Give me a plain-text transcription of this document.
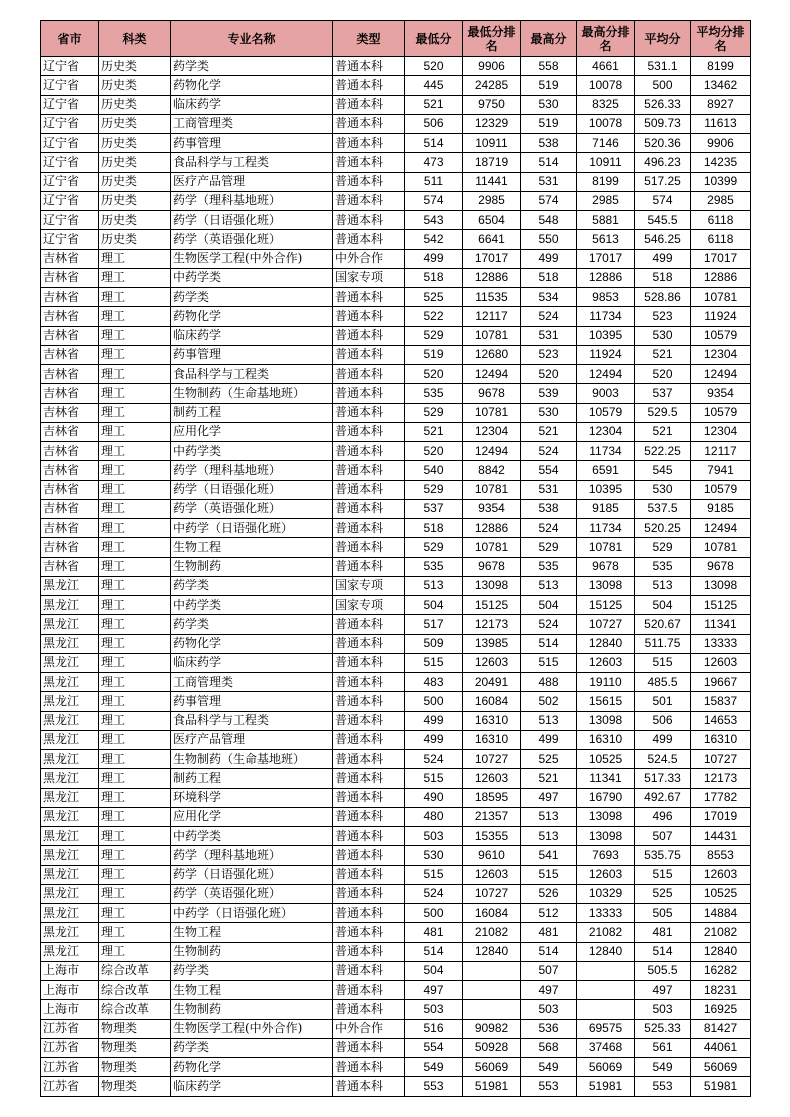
省市	科类	专业名称	类型	最低分	最低分排名	最高分	最高分排名	平均分	平均分排名
辽宁省	历史类	药学类	普通本科	520	9906	558	4661	531.1	8199
辽宁省	历史类	药物化学	普通本科	445	24285	519	10078	500	13462
辽宁省	历史类	临床药学	普通本科	521	9750	530	8325	526.33	8927
辽宁省	历史类	工商管理类	普通本科	506	12329	519	10078	509.73	11613
辽宁省	历史类	药事管理	普通本科	514	10911	538	7146	520.36	9906
辽宁省	历史类	食品科学与工程类	普通本科	473	18719	514	10911	496.23	14235
辽宁省	历史类	医疗产品管理	普通本科	511	11441	531	8199	517.25	10399
辽宁省	历史类	药学（理科基地班）	普通本科	574	2985	574	2985	574	2985
辽宁省	历史类	药学（日语强化班）	普通本科	543	6504	548	5881	545.5	6118
辽宁省	历史类	药学（英语强化班）	普通本科	542	6641	550	5613	546.25	6118
吉林省	理工	生物医学工程(中外合作)	中外合作	499	17017	499	17017	499	17017
吉林省	理工	中药学类	国家专项	518	12886	518	12886	518	12886
吉林省	理工	药学类	普通本科	525	11535	534	9853	528.86	10781
吉林省	理工	药物化学	普通本科	522	12117	524	11734	523	11924
吉林省	理工	临床药学	普通本科	529	10781	531	10395	530	10579
吉林省	理工	药事管理	普通本科	519	12680	523	11924	521	12304
吉林省	理工	食品科学与工程类	普通本科	520	12494	520	12494	520	12494
吉林省	理工	生物制药（生命基地班）	普通本科	535	9678	539	9003	537	9354
吉林省	理工	制药工程	普通本科	529	10781	530	10579	529.5	10579
吉林省	理工	应用化学	普通本科	521	12304	521	12304	521	12304
吉林省	理工	中药学类	普通本科	520	12494	524	11734	522.25	12117
吉林省	理工	药学（理科基地班）	普通本科	540	8842	554	6591	545	7941
吉林省	理工	药学（日语强化班）	普通本科	529	10781	531	10395	530	10579
吉林省	理工	药学（英语强化班）	普通本科	537	9354	538	9185	537.5	9185
吉林省	理工	中药学（日语强化班）	普通本科	518	12886	524	11734	520.25	12494
吉林省	理工	生物工程	普通本科	529	10781	529	10781	529	10781
吉林省	理工	生物制药	普通本科	535	9678	535	9678	535	9678
黑龙江	理工	药学类	国家专项	513	13098	513	13098	513	13098
黑龙江	理工	中药学类	国家专项	504	15125	504	15125	504	15125
黑龙江	理工	药学类	普通本科	517	12173	524	10727	520.67	11341
黑龙江	理工	药物化学	普通本科	509	13985	514	12840	511.75	13333
黑龙江	理工	临床药学	普通本科	515	12603	515	12603	515	12603
黑龙江	理工	工商管理类	普通本科	483	20491	488	19110	485.5	19667
黑龙江	理工	药事管理	普通本科	500	16084	502	15615	501	15837
黑龙江	理工	食品科学与工程类	普通本科	499	16310	513	13098	506	14653
黑龙江	理工	医疗产品管理	普通本科	499	16310	499	16310	499	16310
黑龙江	理工	生物制药（生命基地班）	普通本科	524	10727	525	10525	524.5	10727
黑龙江	理工	制药工程	普通本科	515	12603	521	11341	517.33	12173
黑龙江	理工	环境科学	普通本科	490	18595	497	16790	492.67	17782
黑龙江	理工	应用化学	普通本科	480	21357	513	13098	496	17019
黑龙江	理工	中药学类	普通本科	503	15355	513	13098	507	14431
黑龙江	理工	药学（理科基地班）	普通本科	530	9610	541	7693	535.75	8553
黑龙江	理工	药学（日语强化班）	普通本科	515	12603	515	12603	515	12603
黑龙江	理工	药学（英语强化班）	普通本科	524	10727	526	10329	525	10525
黑龙江	理工	中药学（日语强化班）	普通本科	500	16084	512	13333	505	14884
黑龙江	理工	生物工程	普通本科	481	21082	481	21082	481	21082
黑龙江	理工	生物制药	普通本科	514	12840	514	12840	514	12840
上海市	综合改革	药学类	普通本科	504		507		505.5	16282
上海市	综合改革	生物工程	普通本科	497		497		497	18231
上海市	综合改革	生物制药	普通本科	503		503		503	16925
江苏省	物理类	生物医学工程(中外合作)	中外合作	516	90982	536	69575	525.33	81427
江苏省	物理类	药学类	普通本科	554	50928	568	37468	561	44061
江苏省	物理类	药物化学	普通本科	549	56069	549	56069	549	56069
江苏省	物理类	临床药学	普通本科	553	51981	553	51981	553	51981
